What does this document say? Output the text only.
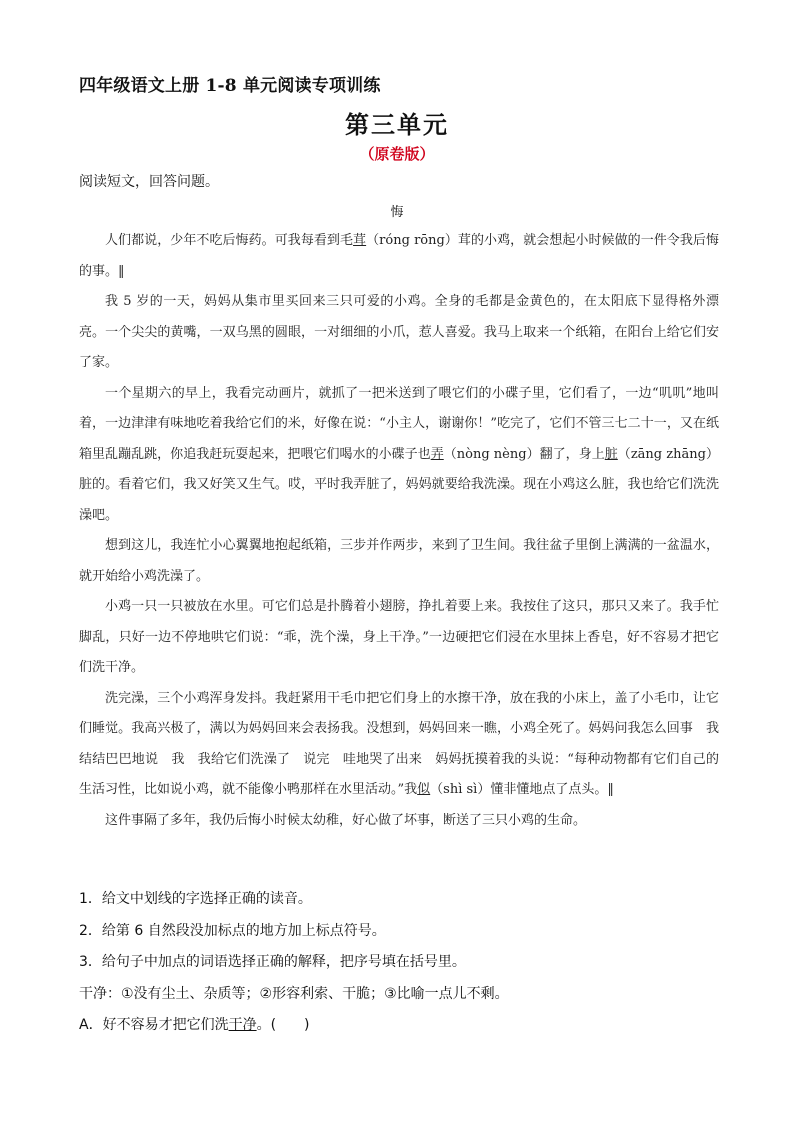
四年级语文上册 1-8 单元阅读专项训练
第三单元
（原卷版）
阅读短文，回答问题。
悔

人们都说，少年不吃后悔药。可我每看到毛茸（róng rōng）茸的小鸡，就会想起小时候做的一件令我后悔的事。‖

我 5 岁的一天，妈妈从集市里买回来三只可爱的小鸡。全身的毛都是金黄色的，在太阳底下显得格外漂亮。一个尖尖的黄嘴，一双乌黑的圆眼，一对细细的小爪，惹人喜爱。我马上取来一个纸箱，在阳台上给它们安了家。

一个星期六的早上，我看完动画片，就抓了一把米送到了喂它们的小碟子里，它们看了，一边“叽叽”地叫着，一边津津有味地吃着我给它们的米，好像在说：“小主人，谢谢你！”吃完了，它们不管三七二十一，又在纸箱里乱蹦乱跳，你追我赶玩耍起来，把喂它们喝水的小碟子也弄（nòng nèng）翻了，身上脏（zāng zhāng）脏的。看着它们，我又好笑又生气。哎，平时我弄脏了，妈妈就要给我洗澡。现在小鸡这么脏，我也给它们洗洗澡吧。

想到这儿，我连忙小心翼翼地抱起纸箱，三步并作两步，来到了卫生间。我往盆子里倒上满满的一盆温水，就开始给小鸡洗澡了。

小鸡一只一只被放在水里。可它们总是扑腾着小翅膀，挣扎着要上来。我按住了这只，那只又来了。我手忙脚乱，只好一边不停地哄它们说：“乖，洗个澡，身上干净。”一边硬把它们浸在水里抹上香皂，好不容易才把它们洗干净。

洗完澡，三个小鸡浑身发抖。我赶紧用干毛巾把它们身上的水擦干净，放在我的小床上，盖了小毛巾，让它们睡觉。我高兴极了，满以为妈妈回来会表扬我。没想到，妈妈回来一瞧，小鸡全死了。妈妈问我怎么回事　我结结巴巴地说　我　我给它们洗澡了　说完　哇地哭了出来　妈妈抚摸着我的头说：“每种动物都有它们自己的生活习性，比如说小鸡，就不能像小鸭那样在水里活动。”我似（shì sì）懂非懂地点了点头。‖

这件事隔了多年，我仍后悔小时候太幼稚，好心做了坏事，断送了三只小鸡的生命。

1．给文中划线的字选择正确的读音。
2．给第 6 自然段没加标点的地方加上标点符号。
3．给句子中加点的词语选择正确的解释，把序号填在括号里。
干净：①没有尘土、杂质等；②形容利索、干脆；③比喻一点儿不剩。
A．好不容易才把它们洗干净。(　　)
